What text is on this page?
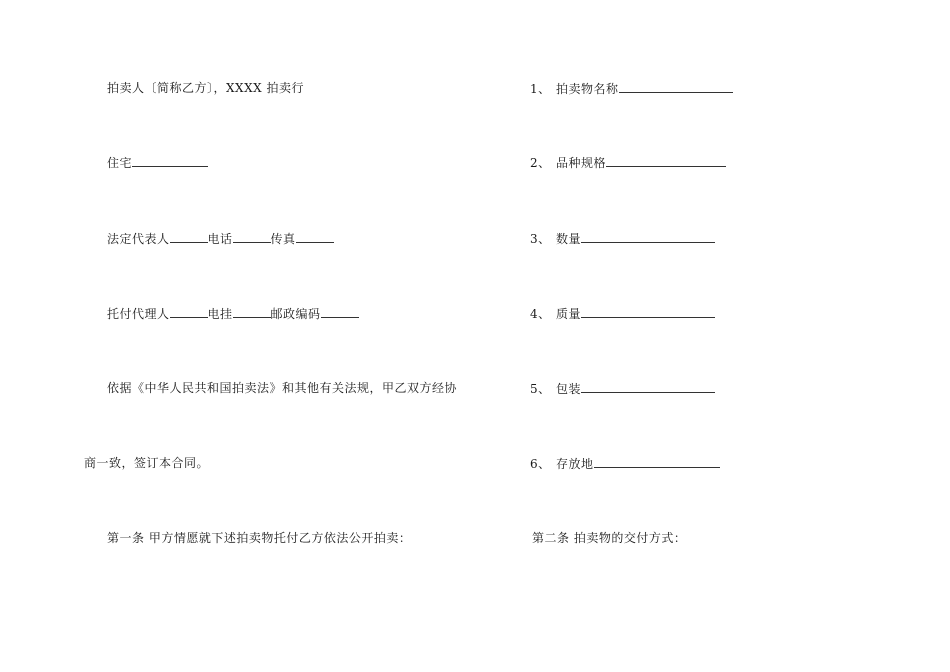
拍卖人〔简称乙方〕，XXXX 拍卖行
住宅
法定代表人	电话	传真
托付代理人	电挂	邮政编码
依据《中华人民共和国拍卖法》和其他有关法规，甲乙双方经协
商一致，签订本合同。
第一条 甲方情愿就下述拍卖物托付乙方依法公开拍卖：
1、 拍卖物名称
2、 品种规格
3、 数量
4、 质量
5、 包装
6、 存放地
第二条 拍卖物的交付方式：
